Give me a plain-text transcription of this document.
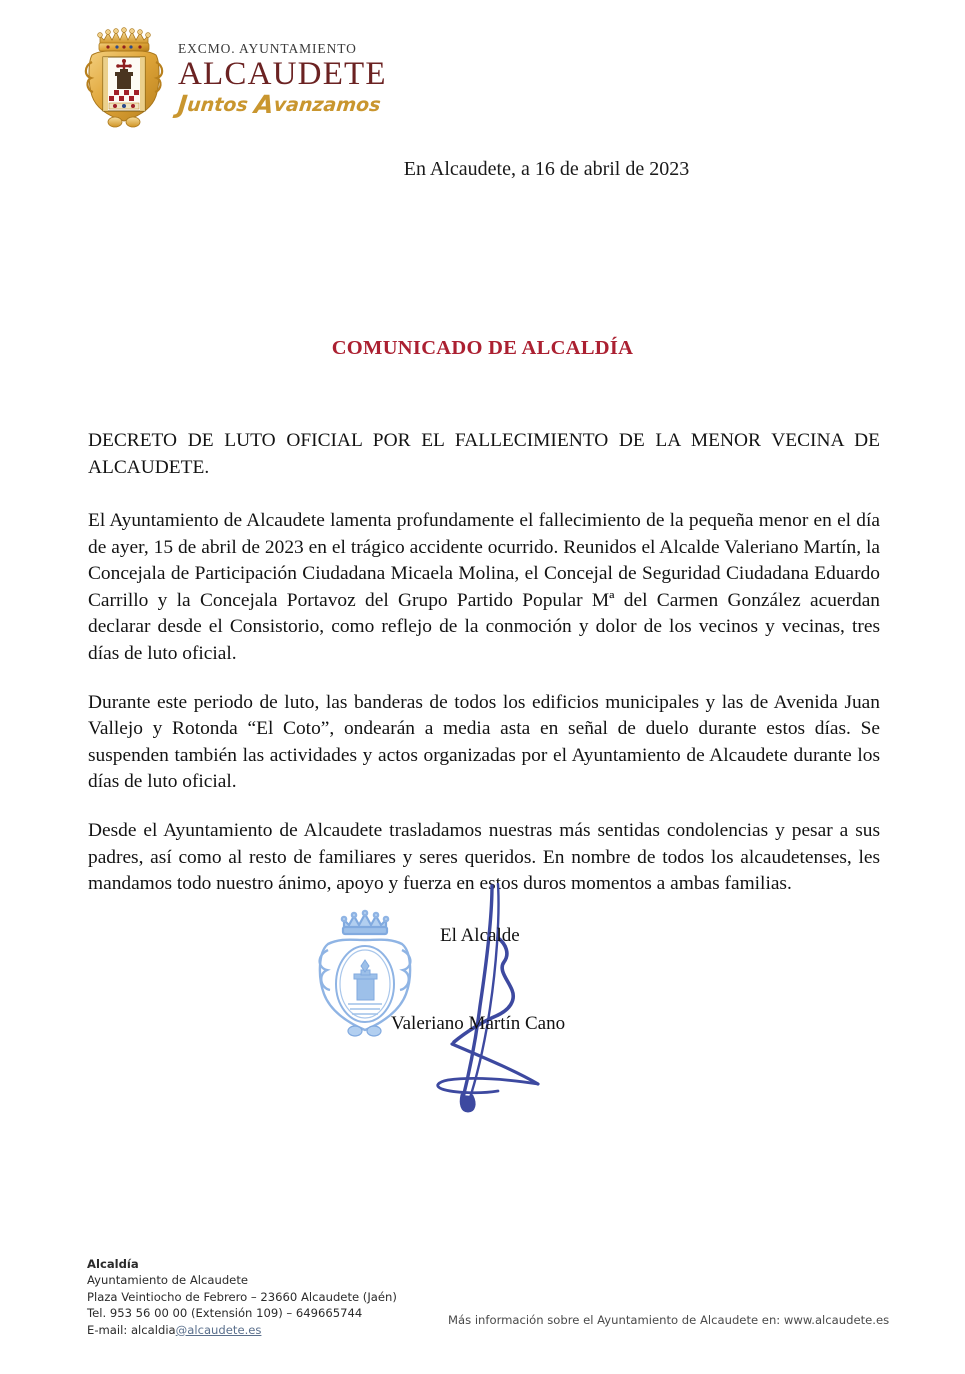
EXCMO. AYUNTAMIENTO
ALCAUDETE
Juntos Avanzamos
En Alcaudete, a 16 de abril de 2023
COMUNICADO DE ALCALDÍA

DECRETO DE LUTO OFICIAL POR EL FALLECIMIENTO DE LA MENOR VECINA DE ALCAUDETE.

El Ayuntamiento de Alcaudete lamenta profundamente el fallecimiento de la pequeña menor en el día de ayer, 15 de abril de 2023 en el trágico accidente ocurrido. Reunidos el Alcalde Valeriano Martín, la Concejala de Participación Ciudadana Micaela Molina, el Concejal de Seguridad Ciudadana Eduardo Carrillo y la Concejala Portavoz del Grupo Partido Popular Mª del Carmen González acuerdan declarar desde el Consistorio, como reflejo de la conmoción y dolor de los vecinos y vecinas, tres días de luto oficial.

Durante este periodo de luto, las banderas de todos los edificios municipales y las de Avenida Juan Vallejo y Rotonda “El Coto”, ondearán a media asta en señal de duelo durante estos días. Se suspenden también las actividades y actos organizadas por el Ayuntamiento de Alcaudete durante los días de luto oficial.

Desde el Ayuntamiento de Alcaudete trasladamos nuestras más sentidas condolencias y pesar a sus padres, así como al resto de familiares y seres queridos. En nombre de todos los alcaudetenses, les mandamos todo nuestro ánimo, apoyo y fuerza en estos duros momentos a ambas familias.

El Alcalde
Valeriano Martín Cano
Alcaldía
Ayuntamiento de Alcaudete
Plaza Veintiocho de Febrero – 23660 Alcaudete (Jaén)
Tel. 953 56 00 00 (Extensión 109) – 649665744
E-mail: alcaldia@alcaudete.es
Más información sobre el Ayuntamiento de Alcaudete en: www.alcaudete.es
